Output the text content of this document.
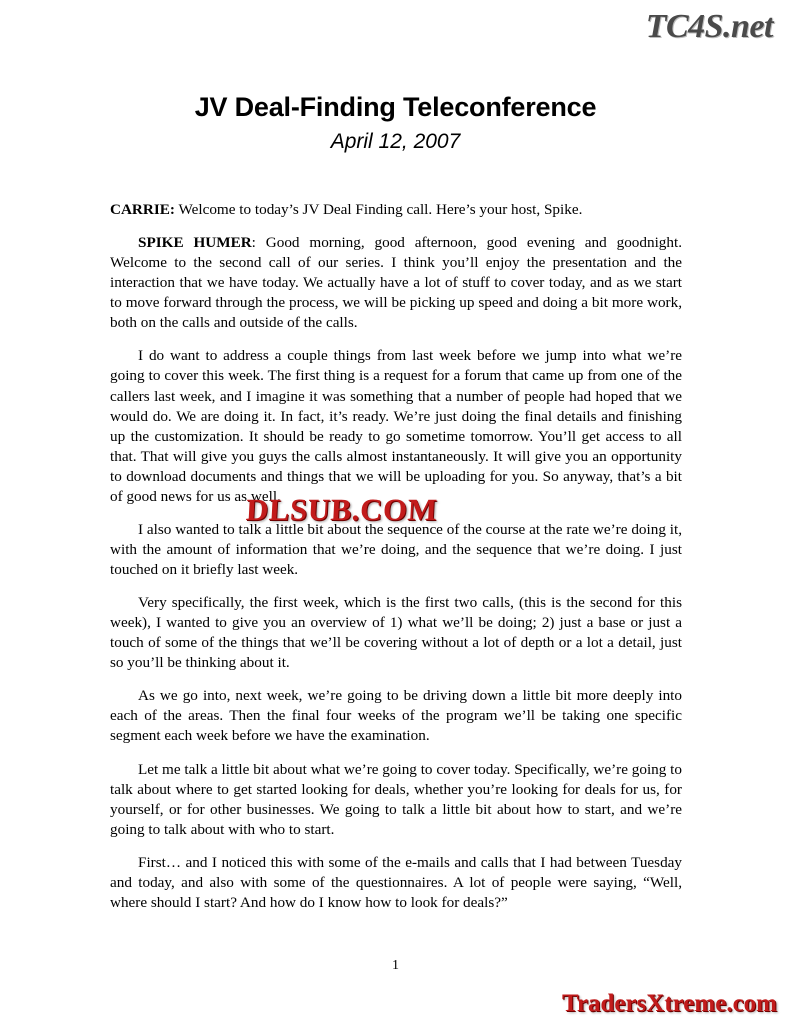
TC4S.net
JV Deal-Finding Teleconference
April 12, 2007

CARRIE: Welcome to today’s JV Deal Finding call. Here’s your host, Spike.

SPIKE HUMER: Good morning, good afternoon, good evening and goodnight. Welcome to the second call of our series. I think you’ll enjoy the presentation and the interaction that we have today. We actually have a lot of stuff to cover today, and as we start to move forward through the process, we will be picking up speed and doing a bit more work, both on the calls and outside of the calls.

I do want to address a couple things from last week before we jump into what we’re going to cover this week. The first thing is a request for a forum that came up from one of the callers last week, and I imagine it was something that a number of people had hoped that we would do. We are doing it. In fact, it’s ready. We’re just doing the final details and finishing up the customization. It should be ready to go sometime tomorrow. You’ll get access to all that. That will give you guys the calls almost instantaneously. It will give you an opportunity to download documents and things that we will be uploading for you. So anyway, that’s a bit of good news for us as well.

I also wanted to talk a little bit about the sequence of the course at the rate we’re doing it, with the amount of information that we’re doing, and the sequence that we’re doing. I just touched on it briefly last week.

Very specifically, the first week, which is the first two calls, (this is the second for this week), I wanted to give you an overview of 1) what we’ll be doing; 2) just a base or just a touch of some of the things that we’ll be covering without a lot of depth or a lot a detail, just so you’ll be thinking about it.

As we go into, next week, we’re going to be driving down a little bit more deeply into each of the areas. Then the final four weeks of the program we’ll be taking one specific segment each week before we have the examination.

Let me talk a little bit about what we’re going to cover today. Specifically, we’re going to talk about where to get started looking for deals, whether you’re looking for deals for us, for yourself, or for other businesses. We going to talk a little bit about how to start, and we’re going to talk about with who to start.

First… and I noticed this with some of the e-mails and calls that I had between Tuesday and today, and also with some of the questionnaires. A lot of people were saying, “Well, where should I start? And how do I know how to look for deals?”

DLSUB.COM
1
TradersXtreme.com
